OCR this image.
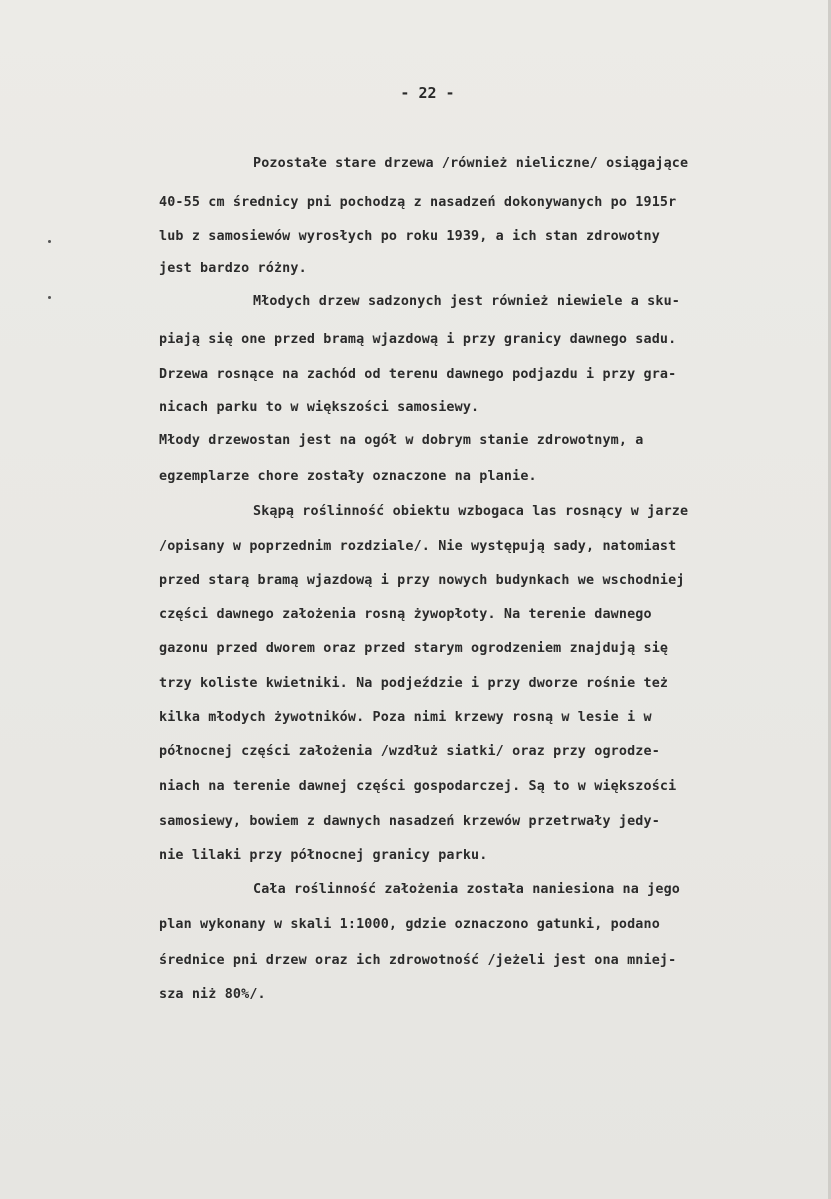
- 22 -
Pozostałe stare drzewa /również nieliczne/ osiągające
40-55 cm średnicy pni pochodzą z nasadzeń dokonywanych po 1915r
lub z samosiewów wyrosłych po roku 1939, a ich stan zdrowotny
jest bardzo różny.
Młodych drzew sadzonych jest również niewiele a sku-
piają się one przed bramą wjazdową i przy granicy dawnego sadu.
Drzewa rosnące na zachód od terenu dawnego podjazdu i przy gra-
nicach parku to w większości samosiewy.
Młody drzewostan jest na ogół w dobrym stanie zdrowotnym, a
egzemplarze chore zostały oznaczone na planie.
Skąpą roślinność obiektu wzbogaca las rosnący w jarze
/opisany w poprzednim rozdziale/. Nie występują sady, natomiast
przed starą bramą wjazdową i przy nowych budynkach we wschodniej
części dawnego założenia rosną żywopłoty. Na terenie dawnego
gazonu przed dworem oraz przed starym ogrodzeniem znajdują się
trzy koliste kwietniki. Na podjeździe i przy dworze rośnie też
kilka młodych żywotników. Poza nimi krzewy rosną w lesie i w
północnej części założenia /wzdłuż siatki/ oraz przy ogrodze-
niach na terenie dawnej części gospodarczej. Są to w większości
samosiewy, bowiem z dawnych nasadzeń krzewów przetrwały jedy-
nie lilaki przy północnej granicy parku.
Cała roślinność założenia została naniesiona na jego
plan wykonany w skali 1:1000, gdzie oznaczono gatunki, podano
średnice pni drzew oraz ich zdrowotność /jeżeli jest ona mniej-
sza niż 80%/.
